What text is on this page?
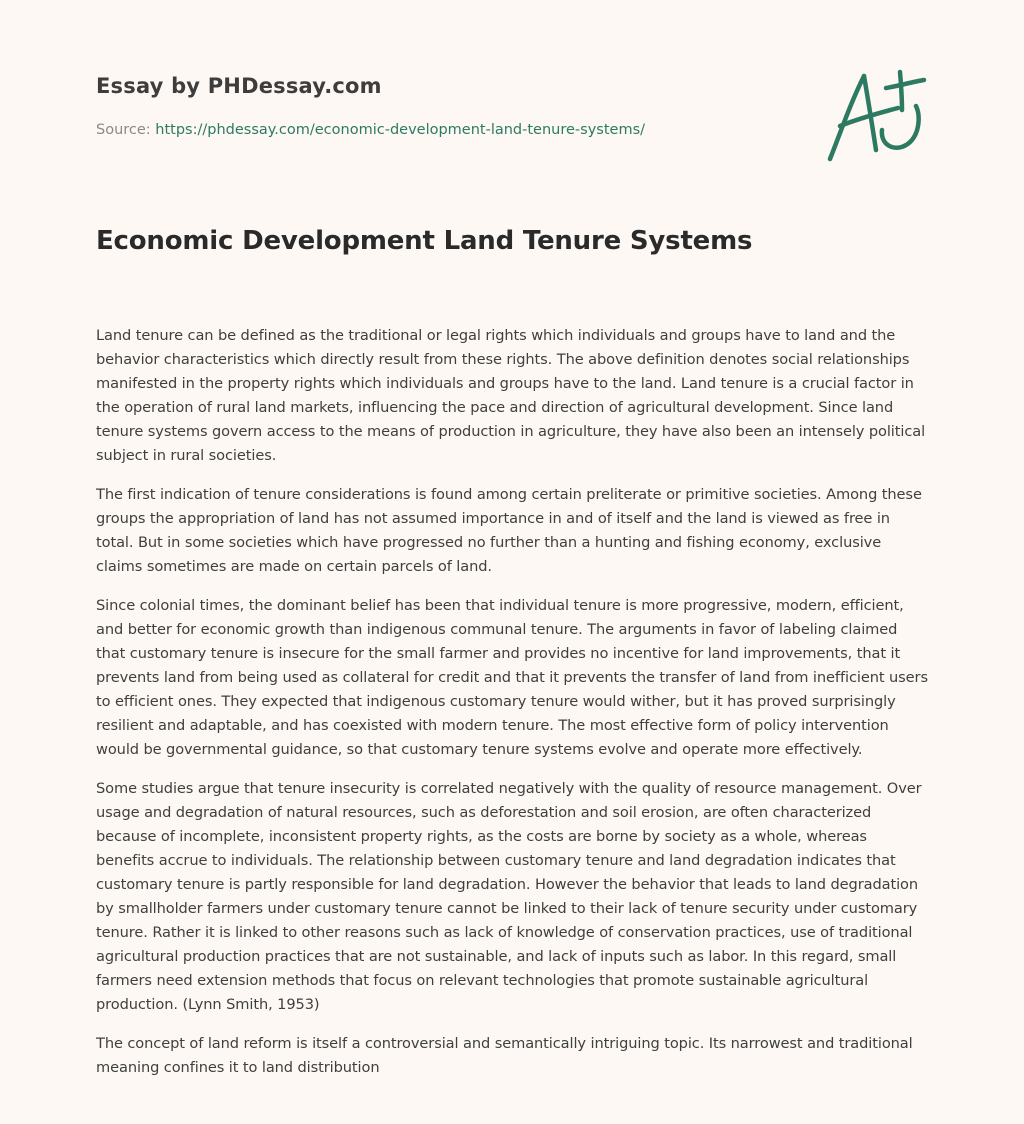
Essay by PHDessay.com
Source: https://phdessay.com/economic-development-land-tenure-systems/
Economic Development Land Tenure Systems

Land tenure can be defined as the traditional or legal rights which individuals and groups have to land and the behavior characteristics which directly result from these rights. The above definition denotes social relationships manifested in the property rights which individuals and groups have to the land. Land tenure is a crucial factor in the operation of rural land markets, influencing the pace and direction of agricultural development. Since land tenure systems govern access to the means of production in agriculture, they have also been an intensely political subject in rural societies.

The first indication of tenure considerations is found among certain preliterate or primitive societies. Among these groups the appropriation of land has not assumed importance in and of itself and the land is viewed as free in total. But in some societies which have progressed no further than a hunting and fishing economy, exclusive claims sometimes are made on certain parcels of land.

Since colonial times, the dominant belief has been that individual tenure is more progressive, modern, efficient, and better for economic growth than indigenous communal tenure. The arguments in favor of labeling claimed that customary tenure is insecure for the small farmer and provides no incentive for land improvements, that it prevents land from being used as collateral for credit and that it prevents the transfer of land from inefficient users to efficient ones. They expected that indigenous customary tenure would wither, but it has proved surprisingly resilient and adaptable, and has coexisted with modern tenure. The most effective form of policy intervention would be governmental guidance, so that customary tenure systems evolve and operate more effectively.

Some studies argue that tenure insecurity is correlated negatively with the quality of resource management. Over usage and degradation of natural resources, such as deforestation and soil erosion, are often characterized because of incomplete, inconsistent property rights, as the costs are borne by society as a whole, whereas benefits accrue to individuals. The relationship between customary tenure and land degradation indicates that customary tenure is partly responsible for land degradation. However the behavior that leads to land degradation by smallholder farmers under customary tenure cannot be linked to their lack of tenure security under customary tenure. Rather it is linked to other reasons such as lack of knowledge of conservation practices, use of traditional agricultural production practices that are not sustainable, and lack of inputs such as labor. In this regard, small farmers need extension methods that focus on relevant technologies that promote sustainable agricultural production. (Lynn Smith, 1953)

The concept of land reform is itself a controversial and semantically intriguing topic. Its narrowest and traditional meaning confines it to land distribution
